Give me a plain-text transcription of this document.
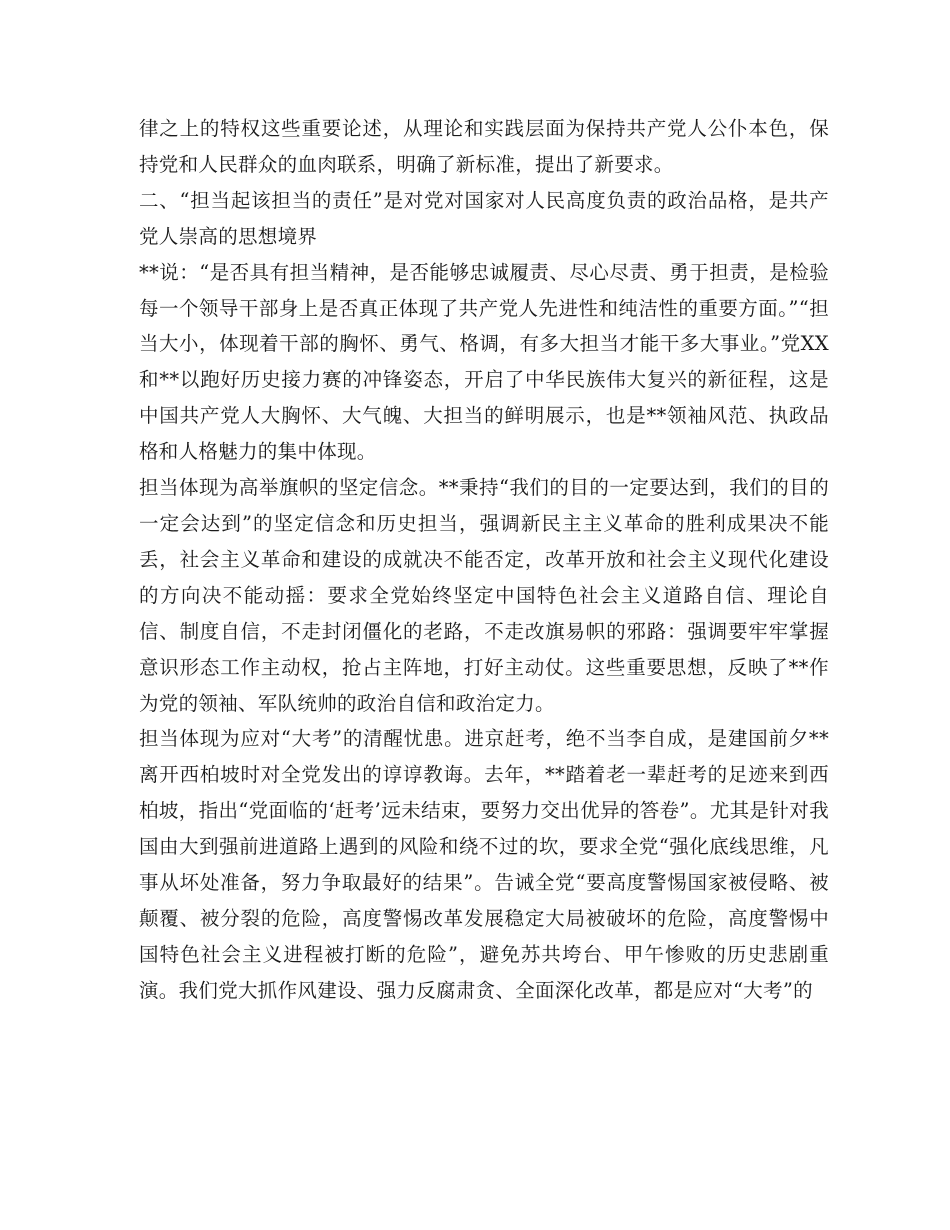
律之上的特权这些重要论述，从理论和实践层面为保持共产党人公仆本色，保持党和人民群众的血肉联系，明确了新标准，提出了新要求。

二、“担当起该担当的责任”是对党对国家对人民高度负责的政治品格，是共产党人崇高的思想境界

**说：“是否具有担当精神，是否能够忠诚履责、尽心尽责、勇于担责，是检验每一个领导干部身上是否真正体现了共产党人先进性和纯洁性的重要方面。”“担当大小，体现着干部的胸怀、勇气、格调，有多大担当才能干多大事业。”党XX和**以跑好历史接力赛的冲锋姿态，开启了中华民族伟大复兴的新征程，这是中国共产党人大胸怀、大气魄、大担当的鲜明展示，也是**领袖风范、执政品格和人格魅力的集中体现。

担当体现为高举旗帜的坚定信念。**秉持“我们的目的一定要达到，我们的目的一定会达到”的坚定信念和历史担当，强调新民主主义革命的胜利成果决不能丢，社会主义革命和建设的成就决不能否定，改革开放和社会主义现代化建设的方向决不能动摇：要求全党始终坚定中国特色社会主义道路自信、理论自信、制度自信，不走封闭僵化的老路，不走改旗易帜的邪路：强调要牢牢掌握意识形态工作主动权，抢占主阵地，打好主动仗。这些重要思想，反映了**作为党的领袖、军队统帅的政治自信和政治定力。

担当体现为应对“大考”的清醒忧患。进京赶考，绝不当李自成，是建国前夕**离开西柏坡时对全党发出的谆谆教诲。去年，**踏着老一辈赶考的足迹来到西柏坡，指出“党面临的‘赶考’远未结束，要努力交出优异的答卷”。尤其是针对我国由大到强前进道路上遇到的风险和绕不过的坎，要求全党“强化底线思维，凡事从坏处准备，努力争取最好的结果”。告诫全党“要高度警惕国家被侵略、被颠覆、被分裂的危险，高度警惕改革发展稳定大局被破坏的危险，高度警惕中国特色社会主义进程被打断的危险”，避免苏共垮台、甲午惨败的历史悲剧重演。我们党大抓作风建设、强力反腐肃贪、全面深化改革，都是应对“大考”的
